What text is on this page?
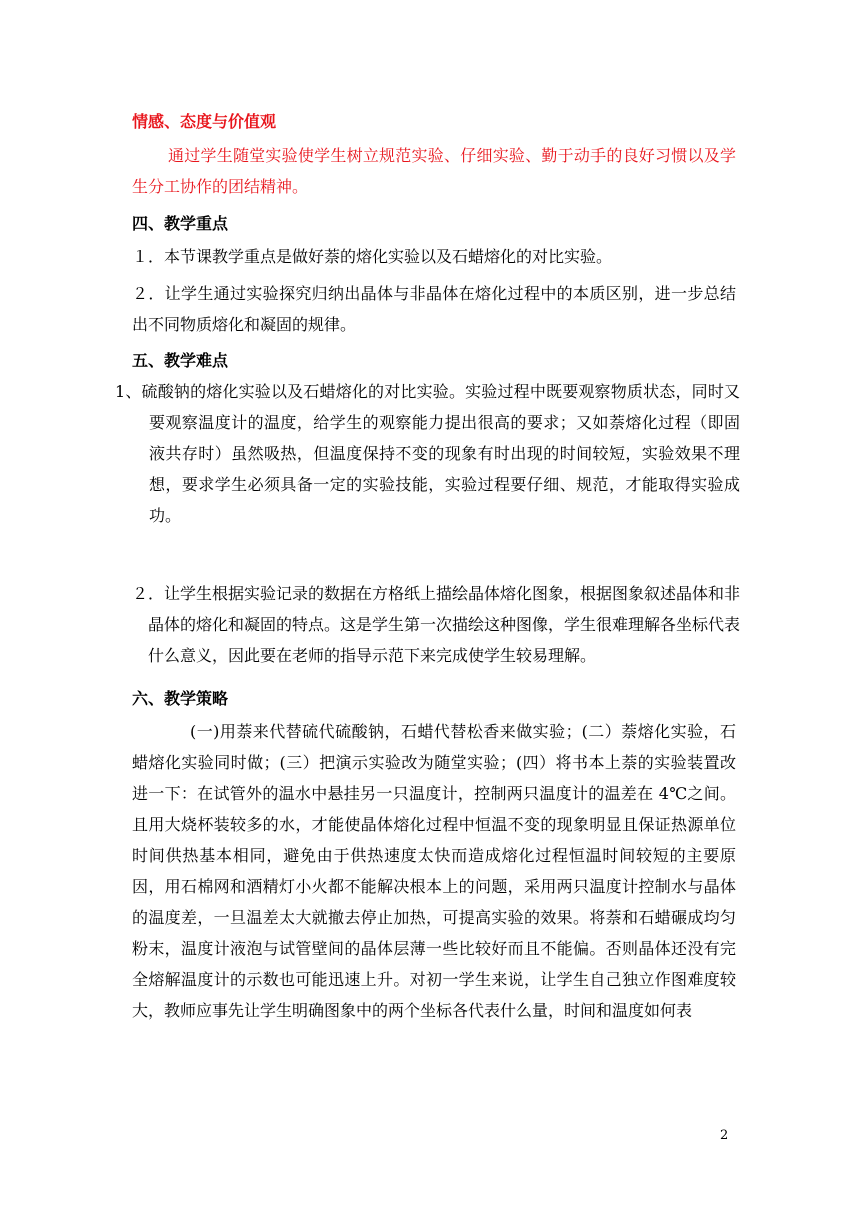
情感、态度与价值观
通过学生随堂实验使学生树立规范实验、仔细实验、勤于动手的良好习惯以及学生分工协作的团结精神。
四、教学重点
１．本节课教学重点是做好萘的熔化实验以及石蜡熔化的对比实验。
２．让学生通过实验探究归纳出晶体与非晶体在熔化过程中的本质区别，进一步总结出不同物质熔化和凝固的规律。
五、教学难点
1、硫酸钠的熔化实验以及石蜡熔化的对比实验。实验过程中既要观察物质状态，同时又要观察温度计的温度，给学生的观察能力提出很高的要求；又如萘熔化过程（即固液共存时）虽然吸热，但温度保持不变的现象有时出现的时间较短，实验效果不理想，要求学生必须具备一定的实验技能，实验过程要仔细、规范，才能取得实验成功。
２．让学生根据实验记录的数据在方格纸上描绘晶体熔化图象，根据图象叙述晶体和非晶体的熔化和凝固的特点。这是学生第一次描绘这种图像，学生很难理解各坐标代表什么意义，因此要在老师的指导示范下来完成使学生较易理解。
六、教学策略
(一)用萘来代替硫代硫酸钠，石蜡代替松香来做实验；(二）萘熔化实验，石蜡熔化实验同时做；(三）把演示实验改为随堂实验；(四）将书本上萘的实验装置改进一下：在试管外的温水中悬挂另一只温度计，控制两只温度计的温差在 4℃之间。且用大烧杯装较多的水，才能使晶体熔化过程中恒温不变的现象明显且保证热源单位时间供热基本相同，避免由于供热速度太快而造成熔化过程恒温时间较短的主要原因，用石棉网和酒精灯小火都不能解决根本上的问题，采用两只温度计控制水与晶体的温度差，一旦温差太大就撤去停止加热，可提高实验的效果。将萘和石蜡碾成均匀粉末，温度计液泡与试管壁间的晶体层薄一些比较好而且不能偏。否则晶体还没有完全熔解温度计的示数也可能迅速上升。对初一学生来说，让学生自己独立作图难度较大，教师应事先让学生明确图象中的两个坐标各代表什么量，时间和温度如何表
2
